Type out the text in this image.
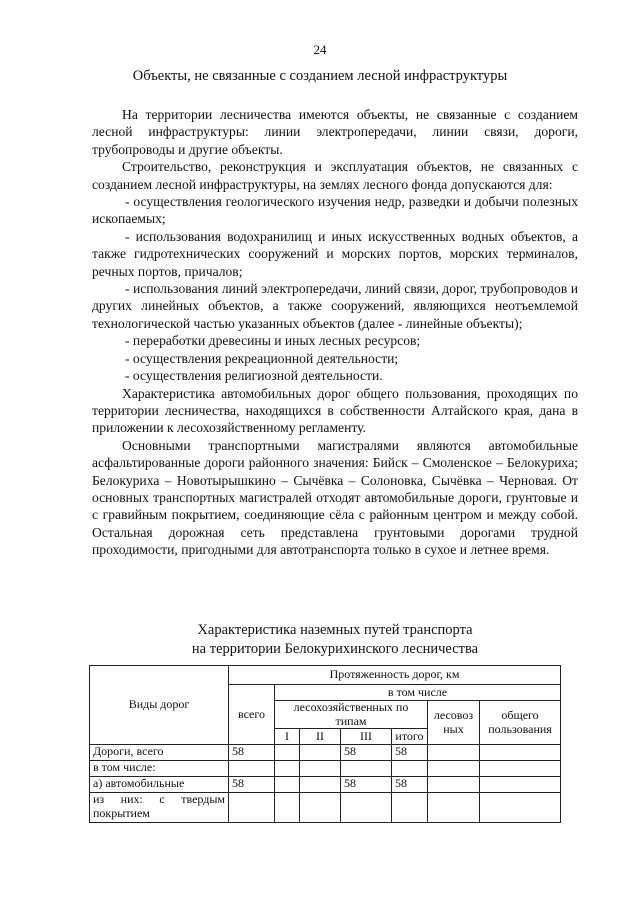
24
Объекты, не связанные с созданием лесной инфраструктуры

На территории лесничества имеются объекты, не связанные с созданием лесной инфраструктуры: линии электропередачи, линии связи, дороги, трубопроводы и другие объекты.

Строительство, реконструкция и эксплуатация объектов, не связанных с созданием лесной инфраструктуры, на землях лесного фонда допускаются для:

- осуществления геологического изучения недр, разведки и добычи полезных ископаемых;

- использования водохранилищ и иных искусственных водных объектов, а также гидротехнических сооружений и морских портов, морских терминалов, речных портов, причалов;

- использования линий электропередачи, линий связи, дорог, трубопроводов и других линейных объектов, а также сооружений, являющихся неотъемлемой технологической частью указанных объектов (далее - линейные объекты);

- переработки древесины и иных лесных ресурсов;

- осуществления рекреационной деятельности;

- осуществления религиозной деятельности.

Характеристика автомобильных дорог общего пользования, проходящих по территории лесничества, находящихся в собственности Алтайского края, дана в приложении к лесохозяйственному регламенту.

Основными транспортными магистралями являются автомобильные асфальтированные дороги районного значения: Бийск – Смоленское – Белокуриха; Белокуриха – Новотырышкино – Сычёвка – Солоновка, Сычёвка – Черновая. От основных транспортных магистралей отходят автомобильные дороги, грунтовые и с гравийным покрытием, соединяющие сёла с районным центром и между собой. Остальная дорожная сеть представлена грунтовыми дорогами трудной проходимости, пригодными для автотранспорта только в сухое и летнее время.

Характеристика наземных путей транспорта
на территории Белокурихинского лесничества
Виды дорог	Протяженность дорог, км						
	всего	в том числе					
		лесохозяйственных по типам				лесовоз ных	общего пользования
		I	II	III	итого		
Дороги, всего	58			58	58		
в том числе:							
а) автомобильные	58			58	58		
из них: с твердым покрытием							
